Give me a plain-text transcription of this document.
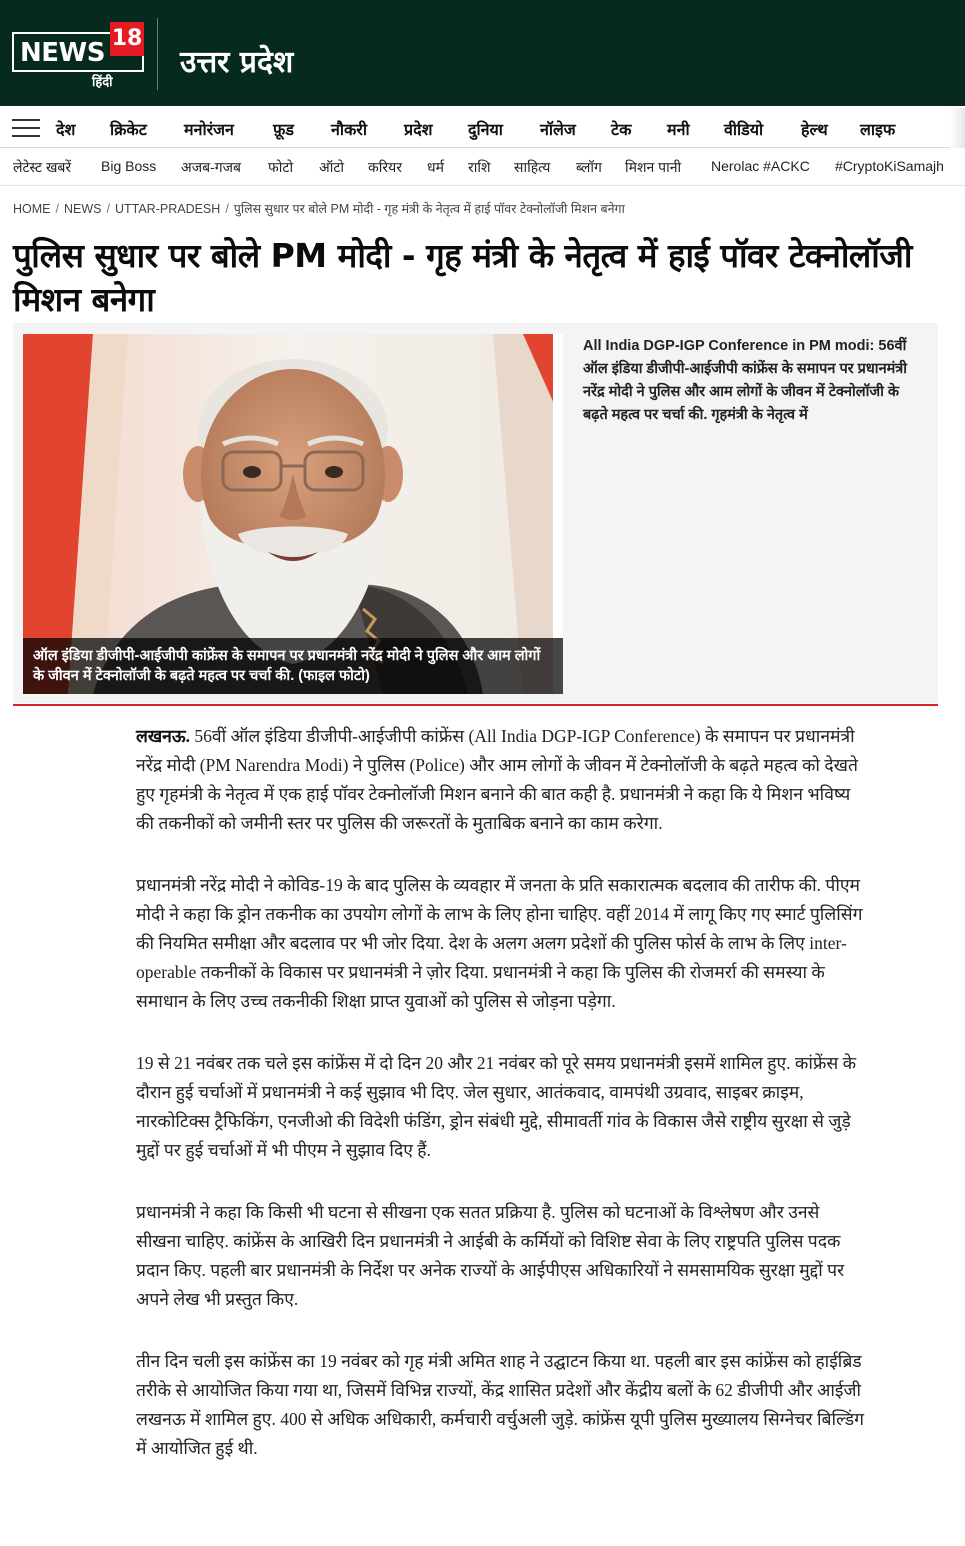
NEWS 18
हिंदी
उत्तर प्रदेश
देश क्रिकेट मनोरंजन फ़ूड नौकरी प्रदेश दुनिया नॉलेज टेक मनी वीडियो हेल्थ लाइफ
लेटेस्ट खबरें Big Boss अजब-गजब फोटो ऑटो करियर धर्म राशि साहित्य ब्लॉग मिशन पानी Nerolac #ACKC #CryptoKiSamajh
HOME / NEWS / UTTAR-PRADESH / पुलिस सुधार पर बोले PM मोदी - गृह मंत्री के नेतृत्व में हाई पॉवर टेक्नोलॉजी मिशन बनेगा
पुलिस सुधार पर बोले PM मोदी - गृह मंत्री के नेतृत्व में हाई पॉवर टेक्नोलॉजी मिशन बनेगा
ऑल इंडिया डीजीपी-आईजीपी कांफ्रेंस के समापन पर प्रधानमंत्री नरेंद्र मोदी ने पुलिस और आम लोगों के जीवन में टेक्नोलॉजी के बढ़ते महत्व पर चर्चा की. (फाइल फोटो)
All India DGP-IGP Conference in PM modi: 56वीं ऑल इंडिया डीजीपी-आईजीपी कांफ्रेंस के समापन पर प्रधानमंत्री नरेंद्र मोदी ने पुलिस और आम लोगों के जीवन में टेक्नोलॉजी के बढ़ते महत्व पर चर्चा की. गृहमंत्री के नेतृत्व में

लखनऊ. 56वीं ऑल इंडिया डीजीपी-आईजीपी कांफ्रेंस (All India DGP-IGP Conference) के समापन पर प्रधानमंत्री नरेंद्र मोदी (PM Narendra Modi) ने पुलिस (Police) और आम लोगों के जीवन में टेक्नोलॉजी के बढ़ते महत्व को देखते हुए गृहमंत्री के नेतृत्व में एक हाई पॉवर टेक्नोलॉजी मिशन बनाने की बात कही है. प्रधानमंत्री ने कहा कि ये मिशन भविष्य की तकनीकों को जमीनी स्तर पर पुलिस की जरूरतों के मुताबिक बनाने का काम करेगा.

प्रधानमंत्री नरेंद्र मोदी ने कोविड-19 के बाद पुलिस के व्यवहार में जनता के प्रति सकारात्मक बदलाव की तारीफ की. पीएम मोदी ने कहा कि ड्रोन तकनीक का उपयोग लोगों के लाभ के लिए होना चाहिए. वहीं 2014 में लागू किए गए स्मार्ट पुलिसिंग की नियमित समीक्षा और बदलाव पर भी जोर दिया. देश के अलग अलग प्रदेशों की पुलिस फोर्स के लाभ के लिए inter-operable तकनीकों के विकास पर प्रधानमंत्री ने ज़ोर दिया. प्रधानमंत्री ने कहा कि पुलिस की रोजमर्रा की समस्या के समाधान के लिए उच्च तकनीकी शिक्षा प्राप्त युवाओं को पुलिस से जोड़ना पड़ेगा.

19 से 21 नवंबर तक चले इस कांफ्रेंस में दो दिन 20 और 21 नवंबर को पूरे समय प्रधानमंत्री इसमें शामिल हुए. कांफ्रेंस के दौरान हुई चर्चाओं में प्रधानमंत्री ने कई सुझाव भी दिए. जेल सुधार, आतंकवाद, वामपंथी उग्रवाद, साइबर क्राइम, नारकोटिक्स ट्रैफिकिंग, एनजीओ की विदेशी फंडिंग, ड्रोन संबंधी मुद्दे, सीमावर्ती गांव के विकास जैसे राष्ट्रीय सुरक्षा से जुड़े मुद्दों पर हुई चर्चाओं में भी पीएम ने सुझाव दिए हैं.

प्रधानमंत्री ने कहा कि किसी भी घटना से सीखना एक सतत प्रक्रिया है. पुलिस को घटनाओं के विश्लेषण और उनसे सीखना चाहिए. कांफ्रेंस के आखिरी दिन प्रधानमंत्री ने आईबी के कर्मियों को विशिष्ट सेवा के लिए राष्ट्रपति पुलिस पदक प्रदान किए. पहली बार प्रधानमंत्री के निर्देश पर अनेक राज्यों के आईपीएस अधिकारियों ने समसामयिक सुरक्षा मुद्दों पर अपने लेख भी प्रस्तुत किए.

तीन दिन चली इस कांफ्रेंस का 19 नवंबर को गृह मंत्री अमित शाह ने उद्घाटन किया था. पहली बार इस कांफ्रेंस को हाईब्रिड तरीके से आयोजित किया गया था, जिसमें विभिन्न राज्यों, केंद्र शासित प्रदेशों और केंद्रीय बलों के 62 डीजीपी और आईजी लखनऊ में शामिल हुए. 400 से अधिक अधिकारी, कर्मचारी वर्चुअली जुड़े. कांफ्रेंस यूपी पुलिस मुख्यालय सिग्नेचर बिल्डिंग में आयोजित हुई थी.
